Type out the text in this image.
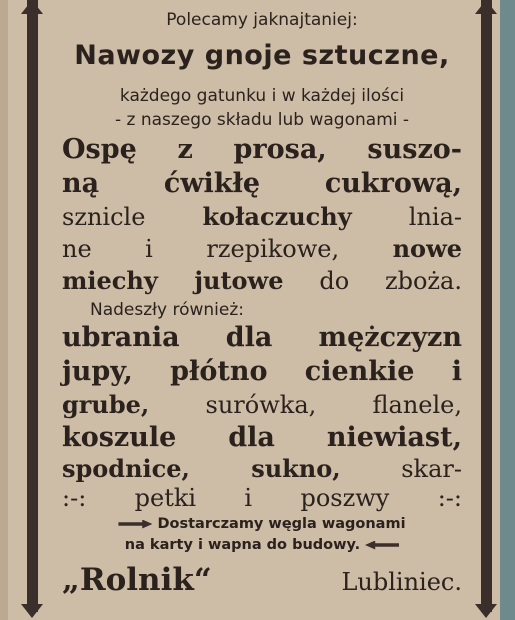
Polecamy jaknajtaniej:

Nawozy gnoje sztuczne,

każdego gatunku i w każdej ilości

- z naszego składu lub wagonami -

Ospę z prosa, suszo-

ną ćwikłę cukrową,

sznicle kołaczuchy lnia-

ne i rzepikowe, nowe

miechy jutowe do zboża.

Nadeszły również:

ubrania dla mężczyzn

jupy, płótno cienkie i

grube, surówka, flanele,

koszule dla niewiast,

spodnice, sukno,	skar-

:-: petki i poszwy :-:

Dostarczamy węgla wagonami

na karty i wapna do budowy.

„Rolnik“	Lubliniec.
